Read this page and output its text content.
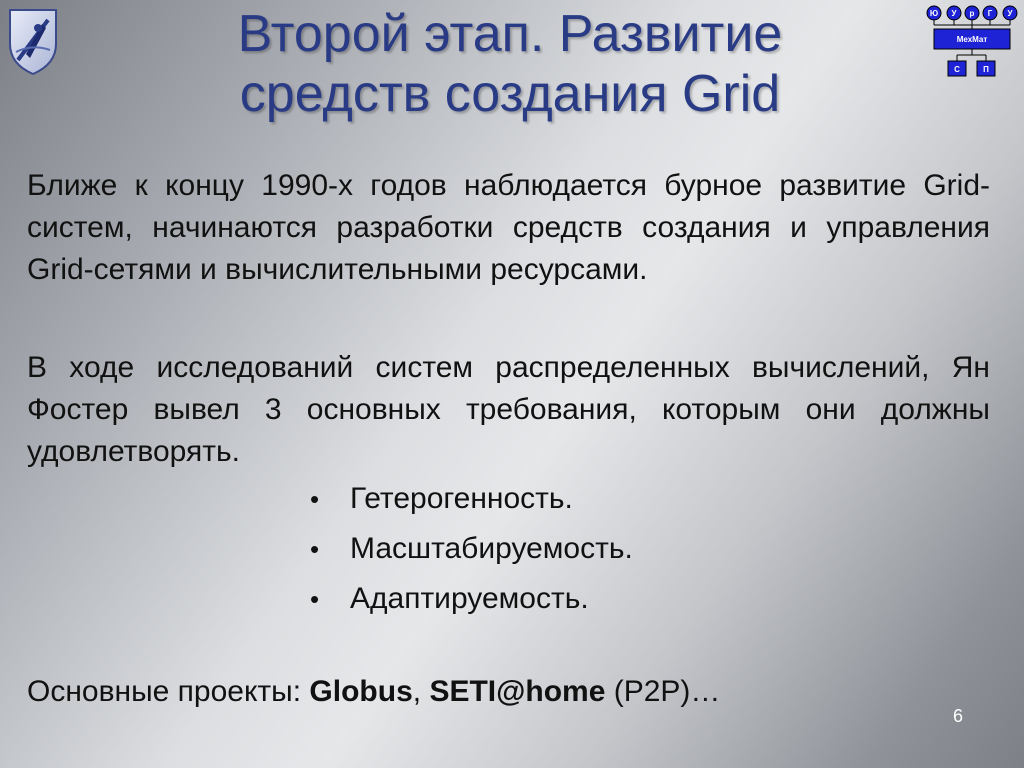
Второй этап. Развитие
средств создания Grid
Ю У р Г У
МехМат
С	П

Ближе к концу 1990-х годов наблюдается бурное развитие Grid-систем, начинаются разработки средств создания и управления Grid-сетями и вычислительными ресурсами.

В ходе исследований систем распределенных вычислений, Ян Фостер вывел 3 основных требования, которым они должны удовлетворять.

• Гетерогенность.
• Масштабируемость.
• Адаптируемость.
Основные проекты: Globus, SETI@home (P2P)…
6
